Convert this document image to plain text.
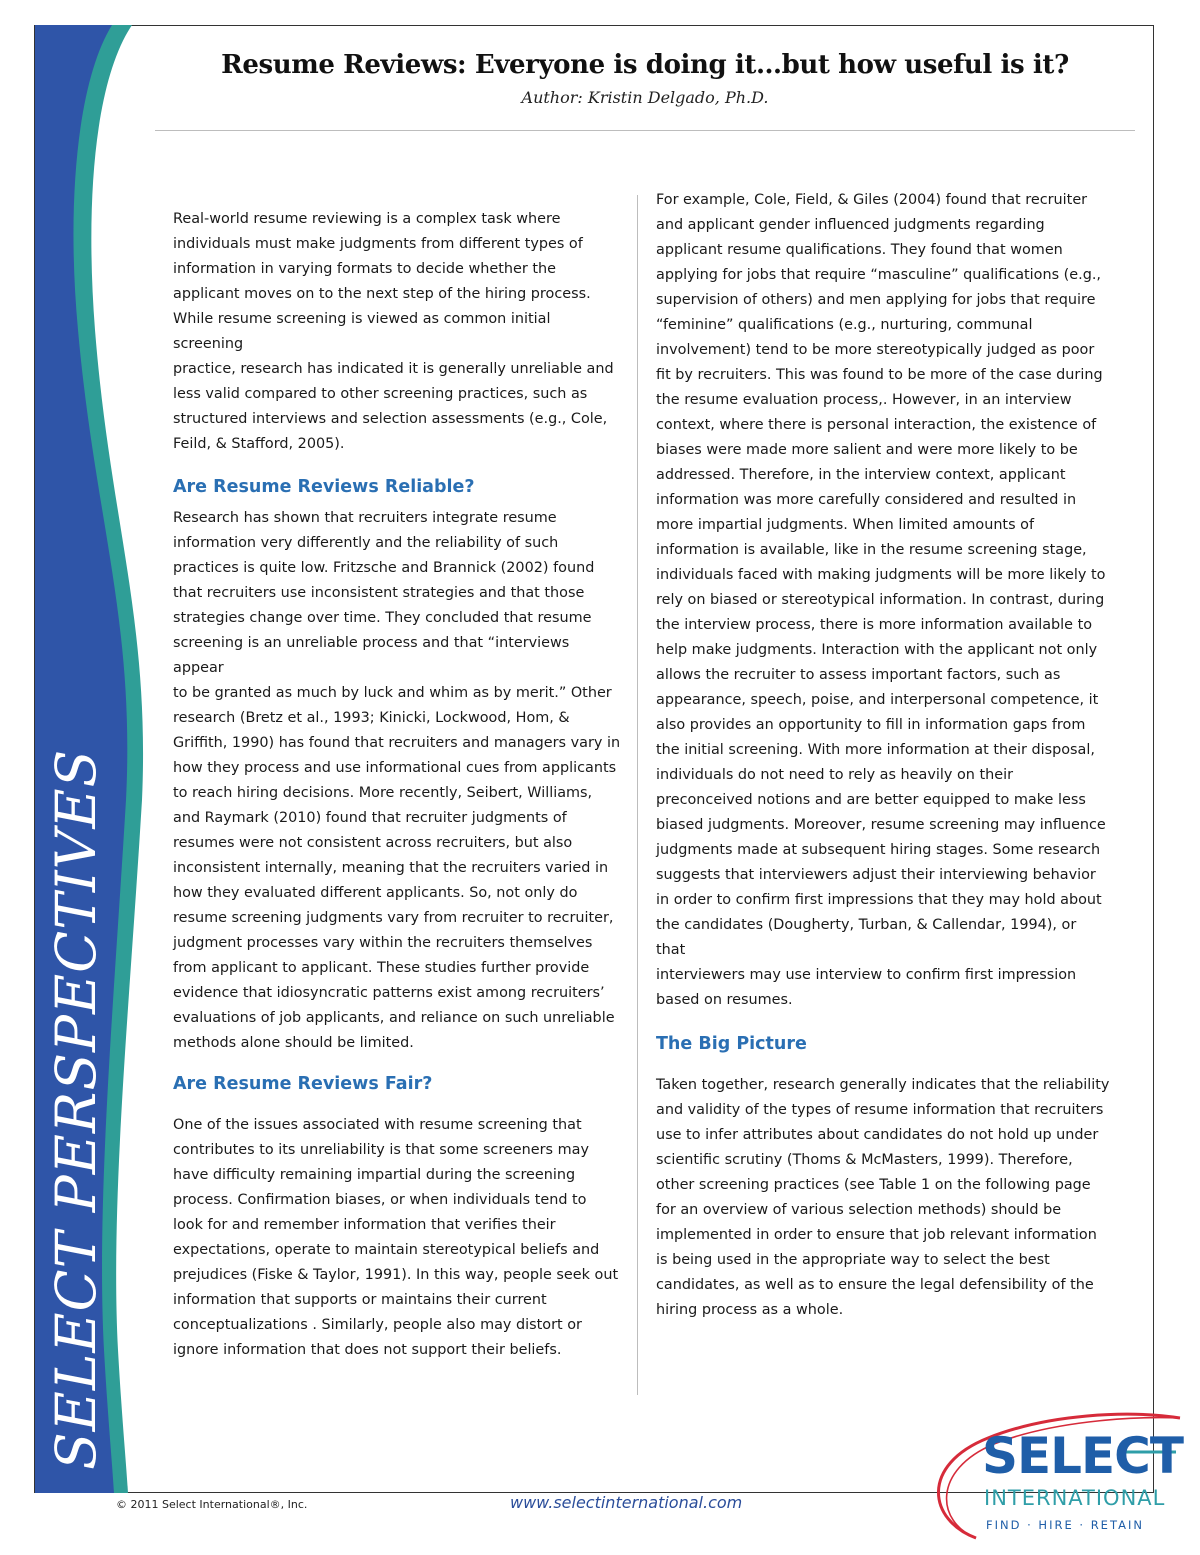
SELECT PERSPECTIVES
Resume Reviews: Everyone is doing it…but how useful is it?
Author: Kristin Delgado, Ph.D.

Real-world resume reviewing is a complex task where
individuals must make judgments from different types of
information in varying formats to decide whether the
applicant moves on to the next step of the hiring process.
While resume screening is viewed as common initial screening
practice, research has indicated it is generally unreliable and
less valid compared to other screening practices, such as
structured interviews and selection assessments (e.g., Cole,
Feild, & Stafford, 2005).

Are Resume Reviews Reliable?

Research has shown that recruiters integrate resume
information very differently and the reliability of such
practices is quite low. Fritzsche and Brannick (2002) found
that recruiters use inconsistent strategies and that those
strategies change over time. They concluded that resume
screening is an unreliable process and that “interviews appear
to be granted as much by luck and whim as by merit.” Other
research (Bretz et al., 1993; Kinicki, Lockwood, Hom, &
Griffith, 1990) has found that recruiters and managers vary in
how they process and use informational cues from applicants
to reach hiring decisions. More recently, Seibert, Williams,
and Raymark (2010) found that recruiter judgments of
resumes were not consistent across recruiters, but also
inconsistent internally, meaning that the recruiters varied in
how they evaluated different applicants. So, not only do
resume screening judgments vary from recruiter to recruiter,
judgment processes vary within the recruiters themselves
from applicant to applicant. These studies further provide
evidence that idiosyncratic patterns exist among recruiters’
evaluations of job applicants, and reliance on such unreliable
methods alone should be limited.

Are Resume Reviews Fair?

One of the issues associated with resume screening that
contributes to its unreliability is that some screeners may
have difficulty remaining impartial during the screening
process. Confirmation biases, or when individuals tend to
look for and remember information that verifies their
expectations, operate to maintain stereotypical beliefs and
prejudices (Fiske & Taylor, 1991). In this way, people seek out
information that supports or maintains their current
conceptualizations . Similarly, people also may distort or
ignore information that does not support their beliefs.

For example, Cole, Field, & Giles (2004) found that recruiter
and applicant gender influenced judgments regarding
applicant resume qualifications. They found that women
applying for jobs that require “masculine” qualifications (e.g.,
supervision of others) and men applying for jobs that require
“feminine” qualifications (e.g., nurturing, communal
involvement) tend to be more stereotypically judged as poor
fit by recruiters. This was found to be more of the case during
the resume evaluation process,. However, in an interview
context, where there is personal interaction, the existence of
biases were made more salient and were more likely to be
addressed. Therefore, in the interview context, applicant
information was more carefully considered and resulted in
more impartial judgments. When limited amounts of
information is available, like in the resume screening stage,
individuals faced with making judgments will be more likely to
rely on biased or stereotypical information. In contrast, during
the interview process, there is more information available to
help make judgments. Interaction with the applicant not only
allows the recruiter to assess important factors, such as
appearance, speech, poise, and interpersonal competence, it
also provides an opportunity to fill in information gaps from
the initial screening. With more information at their disposal,
individuals do not need to rely as heavily on their
preconceived notions and are better equipped to make less
biased judgments. Moreover, resume screening may influence
judgments made at subsequent hiring stages. Some research
suggests that interviewers adjust their interviewing behavior
in order to confirm first impressions that they may hold about
the candidates (Dougherty, Turban, & Callendar, 1994), or that
interviewers may use interview to confirm first impression
based on resumes.

The Big Picture

Taken together, research generally indicates that the reliability
and validity of the types of resume information that recruiters
use to infer attributes about candidates do not hold up under
scientific scrutiny (Thoms & McMasters, 1999). Therefore,
other screening practices (see Table 1 on the following page
for an overview of various selection methods) should be
implemented in order to ensure that job relevant information
is being used in the appropriate way to select the best
candidates, as well as to ensure the legal defensibility of the
hiring process as a whole.

© 2011 Select International®, Inc.	www.selectinternational.com
SELECT
INTERNATIONAL
FIND · HIRE · RETAIN
